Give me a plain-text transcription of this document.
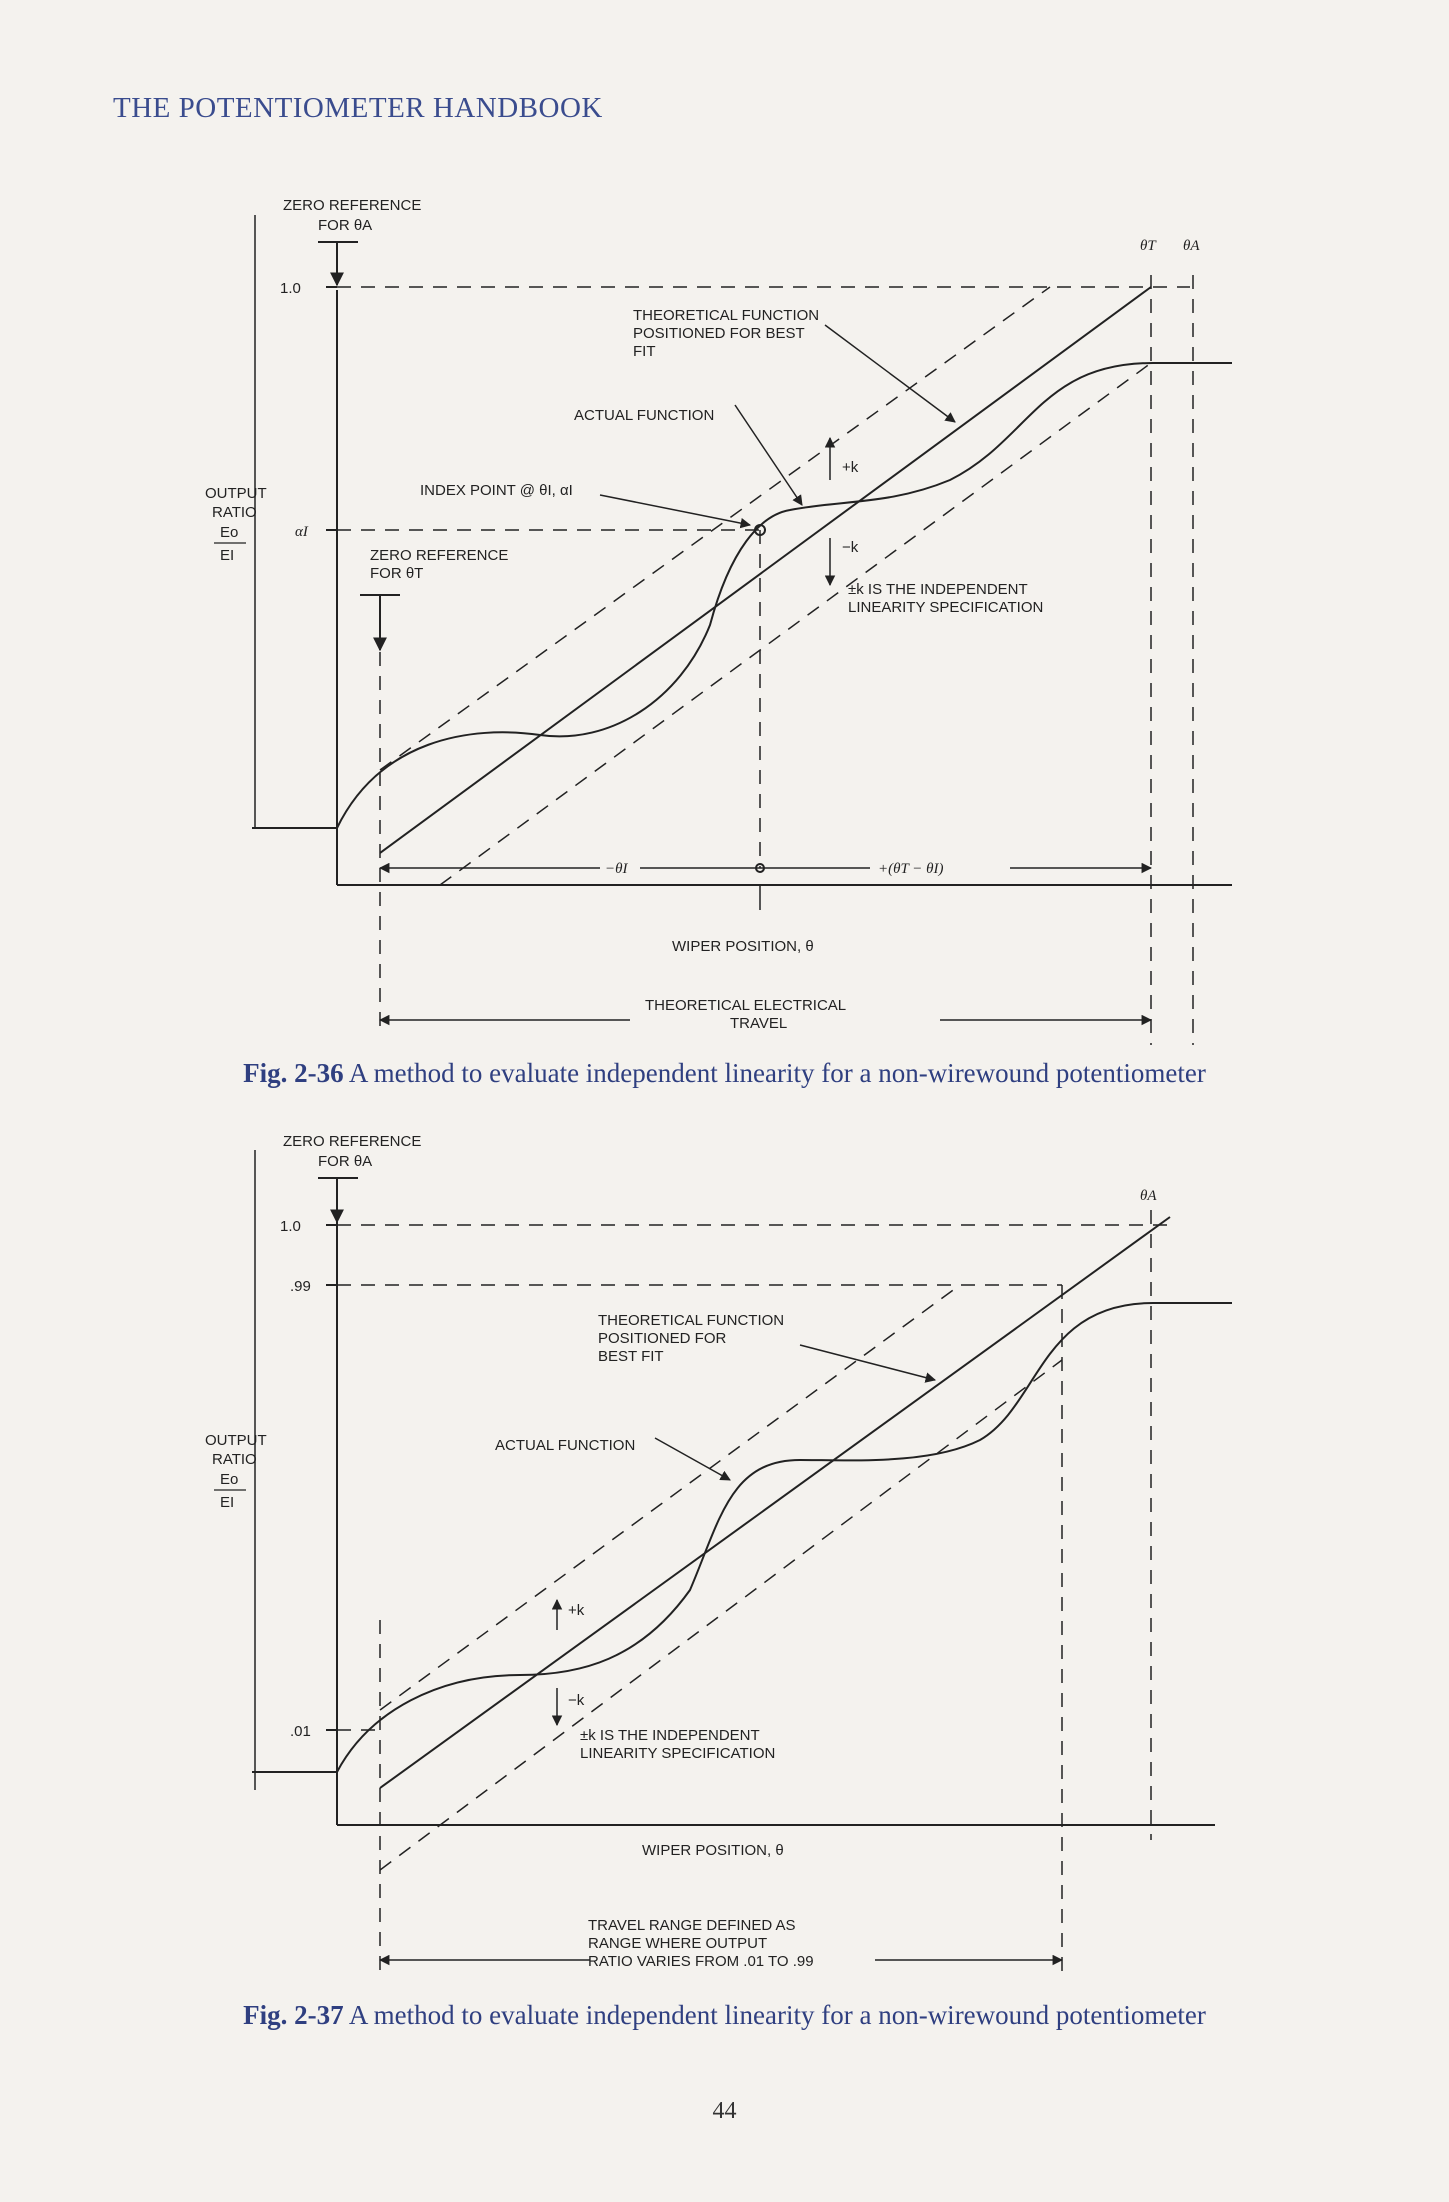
THE POTENTIOMETER HANDBOOK
ZERO REFERENCE
FOR θA
1.0
αI
θT θA
OUTPUT
RATIO
Eo
EI
THEORETICAL FUNCTION
POSITIONED FOR BEST
FIT
ACTUAL FUNCTION
INDEX POINT @ θI, αI
ZERO REFERENCE
FOR θT
+k
−k
±k IS THE INDEPENDENT
LINEARITY SPECIFICATION
−θI	+(θT − θI)
WIPER POSITION, θ
THEORETICAL ELECTRICAL
TRAVEL
Fig. 2-36 A method to evaluate independent linearity for a non-wirewound potentiometer
ZERO REFERENCE
FOR θA
1.0
.99
.01
θA
OUTPUT
RATIO
Eo
EI
THEORETICAL FUNCTION
POSITIONED FOR
BEST FIT
ACTUAL FUNCTION
+k
−k
±k IS THE INDEPENDENT
LINEARITY SPECIFICATION
WIPER POSITION, θ
TRAVEL RANGE DEFINED AS
RANGE WHERE OUTPUT
RATIO VARIES FROM .01 TO .99
Fig. 2-37 A method to evaluate independent linearity for a non-wirewound potentiometer
44
